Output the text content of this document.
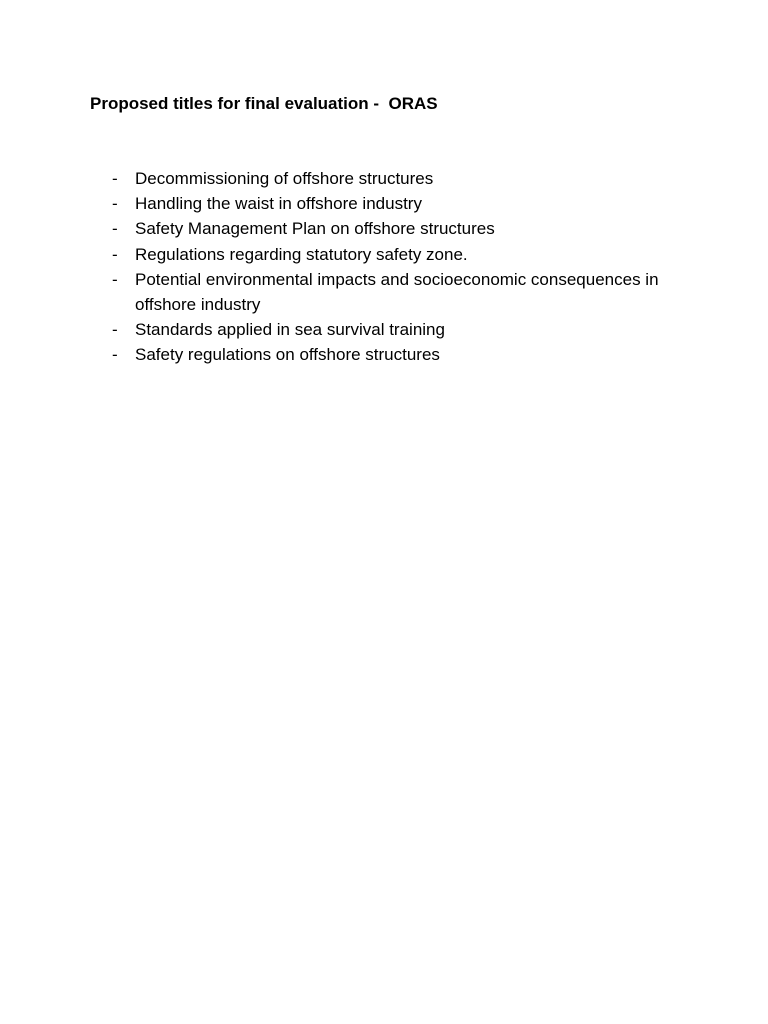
Proposed titles for final evaluation -  ORAS
- Decommissioning of offshore structures
- Handling the waist in offshore industry
- Safety Management Plan on offshore structures
- Regulations regarding statutory safety zone.
- Potential environmental impacts and socioeconomic consequences in offshore industry
- Standards applied in sea survival training
- Safety regulations on offshore structures
